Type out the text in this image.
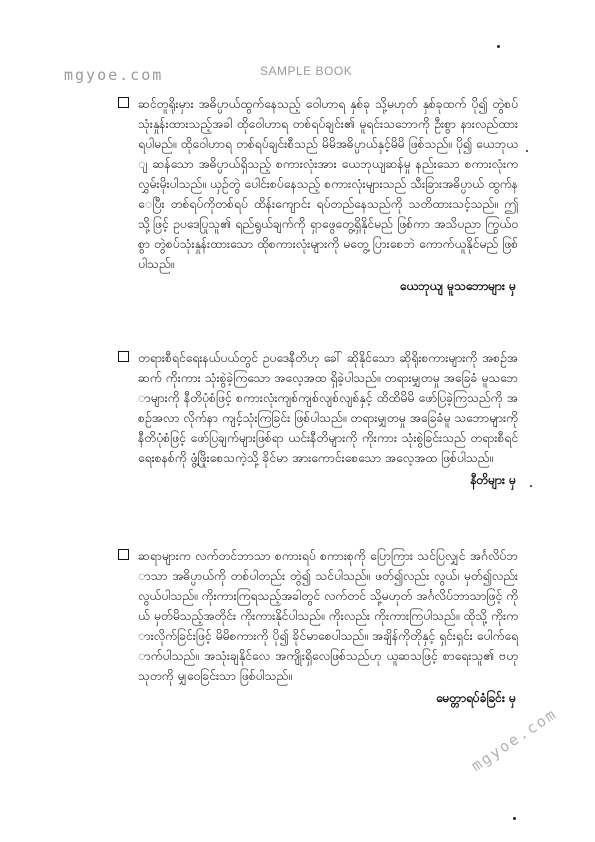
mgyoe.com	SAMPLE BOOK

ဆင်တူရိုးမှား အဓိပ္ပာယ်ထွက်နေသည့် ဝေါဟာရ နှစ်ခု သို့မဟုတ် နှစ်ခုထက် ပို၍ တွဲစပ် သုံးနှုန်းထားသည့်အခါ ထိုဝေါဟာရ တစ်ရပ်ချင်း၏ မူရင်းသဘောကို ဦးစွာ နားလည်ထားရပါမည်။ ထိုဝေါဟာရ တစ်ရပ်ချင်းစီသည် မိမိအဓိပ္ပာယ်နှင့်မိမိ ဖြစ်သည်။ ပို၍ ယေဘုယျ ဆန်သော အဓိပ္ပာယ်ရှိသည့် စကားလုံးအား ယေဘုယျဆန်မှု နည်းသော စကားလုံးက လွှမ်းမိုးပါသည်။ ယှဉ်တွဲ ပေါင်းစပ်နေသည့် စကားလုံးများသည် သီးခြားအဓိပ္ပာယ် ထွက်နေပြီး တစ်ရပ်ကိုတစ်ရပ် ထိန်းကျောင်း ရပ်တည်နေသည်ကို သတိထားသင့်သည်။ ဤသို့ဖြင့် ဥပဒေပြုသူ၏ ရည်ရွယ်ချက်ကို ရှာဖွေတွေ့ရှိနိုင်မည် ဖြစ်ကာ အသိပညာ ကြွယ်ဝစွာ တွဲစပ်သုံးနှုန်းထားသော ထိုစကားလုံးများကို မတွေ့ ပြားစေဘဲ ကောက်ယူနိုင်မည် ဖြစ်ပါသည်။

ယေဘုယျ မူသဘောများ မှ

တရားစီရင်ရေးနယ်ပယ်တွင် ဥပဒေနီတိဟု ခေါ် ဆိုနိုင်သော ဆိုရိုးစကားများကို အစဉ်အဆက် ကိုးကား သုံးစွဲခဲ့ကြသော အလေ့အထ ရှိခဲ့ပါသည်။ တရားမျှတမှု အခြေခံ မူသဘောများကို နီတိပုံစံဖြင့် စကားလုံးကျစ်ကျစ်လျစ်လျစ်နှင့် ထိထိမိမိ ဖော်ပြခဲ့ကြသည်ကို အစဉ်အလာ လိုက်နာ ကျင့်သုံးကြခြင်း ဖြစ်ပါသည်။ တရားမျှတမှု အခြေခံမူ သဘောများကို နီတိပုံစံဖြင့် ဖော်ပြချက်များဖြစ်ရာ ယင်းနီတိများကို ကိုးကား သုံးစွဲခြင်းသည် တရားစီရင်ရေးစနစ်ကို ဖွံ့ဖြိုးစေသကဲ့သို့ ခိုင်မာ အားကောင်းစေသော အလေ့အထ ဖြစ်ပါသည်။

နီတိများ မှ

ဆရာများက လက်တင်ဘာသာ စကားရပ် စကားစုကို ပြောကြား သင်ပြလျှင် အင်္ဂလိပ်ဘာသာ အဓိပ္ပာယ်ကို တစ်ပါတည်း တွဲ၍ သင်ပါသည်။ ဖတ်၍လည်း လွယ်၊ မှတ်၍လည်း လွယ်ပါသည်။ ကိုးကားကြရသည့်အခါတွင် လက်တင် သို့မဟုတ် အင်္ဂလိပ်ဘာသာဖြင့် ကိုယ် မှတ်မိသည့်အတိုင်း ကိုးကားနိုင်ပါသည်။ ကိုးလည်း ကိုးကားကြပါသည်။ ထိုသို့ ကိုးကားလိုက်ခြင်းဖြင့် မိမိစကားကို ပို၍ ခိုင်မာစေပါသည်။ အချိန်ကိုတိုနှင့် ရှင်းရှင်း ပေါက်ရောက်ပါသည်။ အသုံးချနိုင်လေ အကျိုးရှိလေဖြစ်သည်ဟု ယူဆသဖြင့် စာရေးသူ၏ ဗဟုသုတကို မျှဝေခြင်းသာ ဖြစ်ပါသည်။

မေတ္တာရပ်ခံခြင်း မှ
mgyoe.com
